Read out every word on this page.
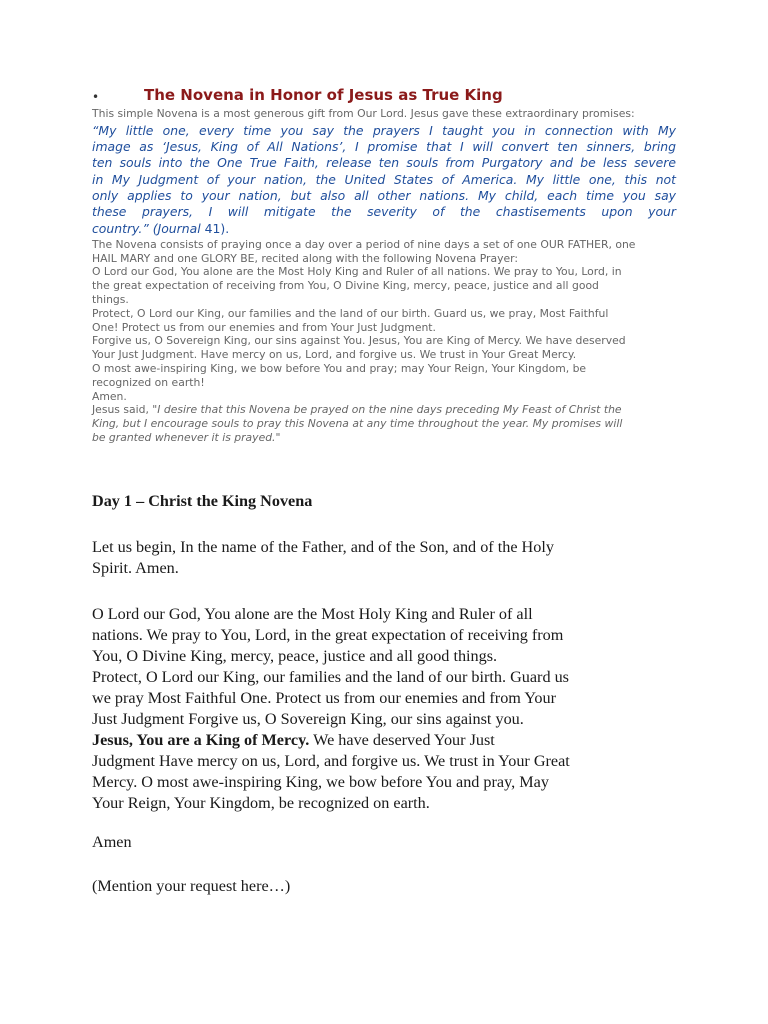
•	The Novena in Honor of Jesus as True King

This simple Novena is a most generous gift from Our Lord. Jesus gave these extraordinary promises:

“My little one, every time you say the prayers I taught you in connection with My
image as ‘Jesus, King of All Nations’, I promise that I will convert ten sinners, bring
ten souls into the One True Faith, release ten souls from Purgatory and be less severe
in My Judgment of your nation, the United States of America. My little one, this not
only applies to your nation, but also all other nations. My child, each time you say
these prayers, I will mitigate the severity of the chastisements upon your
country.” (Journal 41).

The Novena consists of praying once a day over a period of nine days a set of one OUR FATHER, one
HAIL MARY and one GLORY BE, recited along with the following Novena Prayer:
O Lord our God, You alone are the Most Holy King and Ruler of all nations. We pray to You, Lord, in
the great expectation of receiving from You, O Divine King, mercy, peace, justice and all good
things.
Protect, O Lord our King, our families and the land of our birth. Guard us, we pray, Most Faithful
One! Protect us from our enemies and from Your Just Judgment.
Forgive us, O Sovereign King, our sins against You. Jesus, You are King of Mercy. We have deserved
Your Just Judgment. Have mercy on us, Lord, and forgive us. We trust in Your Great Mercy.
O most awe-inspiring King, we bow before You and pray; may Your Reign, Your Kingdom, be
recognized on earth!
Amen.
Jesus said, "I desire that this Novena be prayed on the nine days preceding My Feast of Christ the
King, but I encourage souls to pray this Novena at any time throughout the year. My promises will
be granted whenever it is prayed."

Day 1 – Christ the King Novena

Let us begin, In the name of the Father, and of the Son, and of the Holy
Spirit. Amen.

O Lord our God, You alone are the Most Holy King and Ruler of all
nations. We pray to You, Lord, in the great expectation of receiving from
You, O Divine King, mercy, peace, justice and all good things.
Protect, O Lord our King, our families and the land of our birth. Guard us
we pray Most Faithful One. Protect us from our enemies and from Your
Just Judgment Forgive us, O Sovereign King, our sins against you.
Jesus, You are a King of Mercy. We have deserved Your Just
Judgment Have mercy on us, Lord, and forgive us. We trust in Your Great
Mercy. O most awe-inspiring King, we bow before You and pray, May
Your Reign, Your Kingdom, be recognized on earth.

Amen

(Mention your request here…)
